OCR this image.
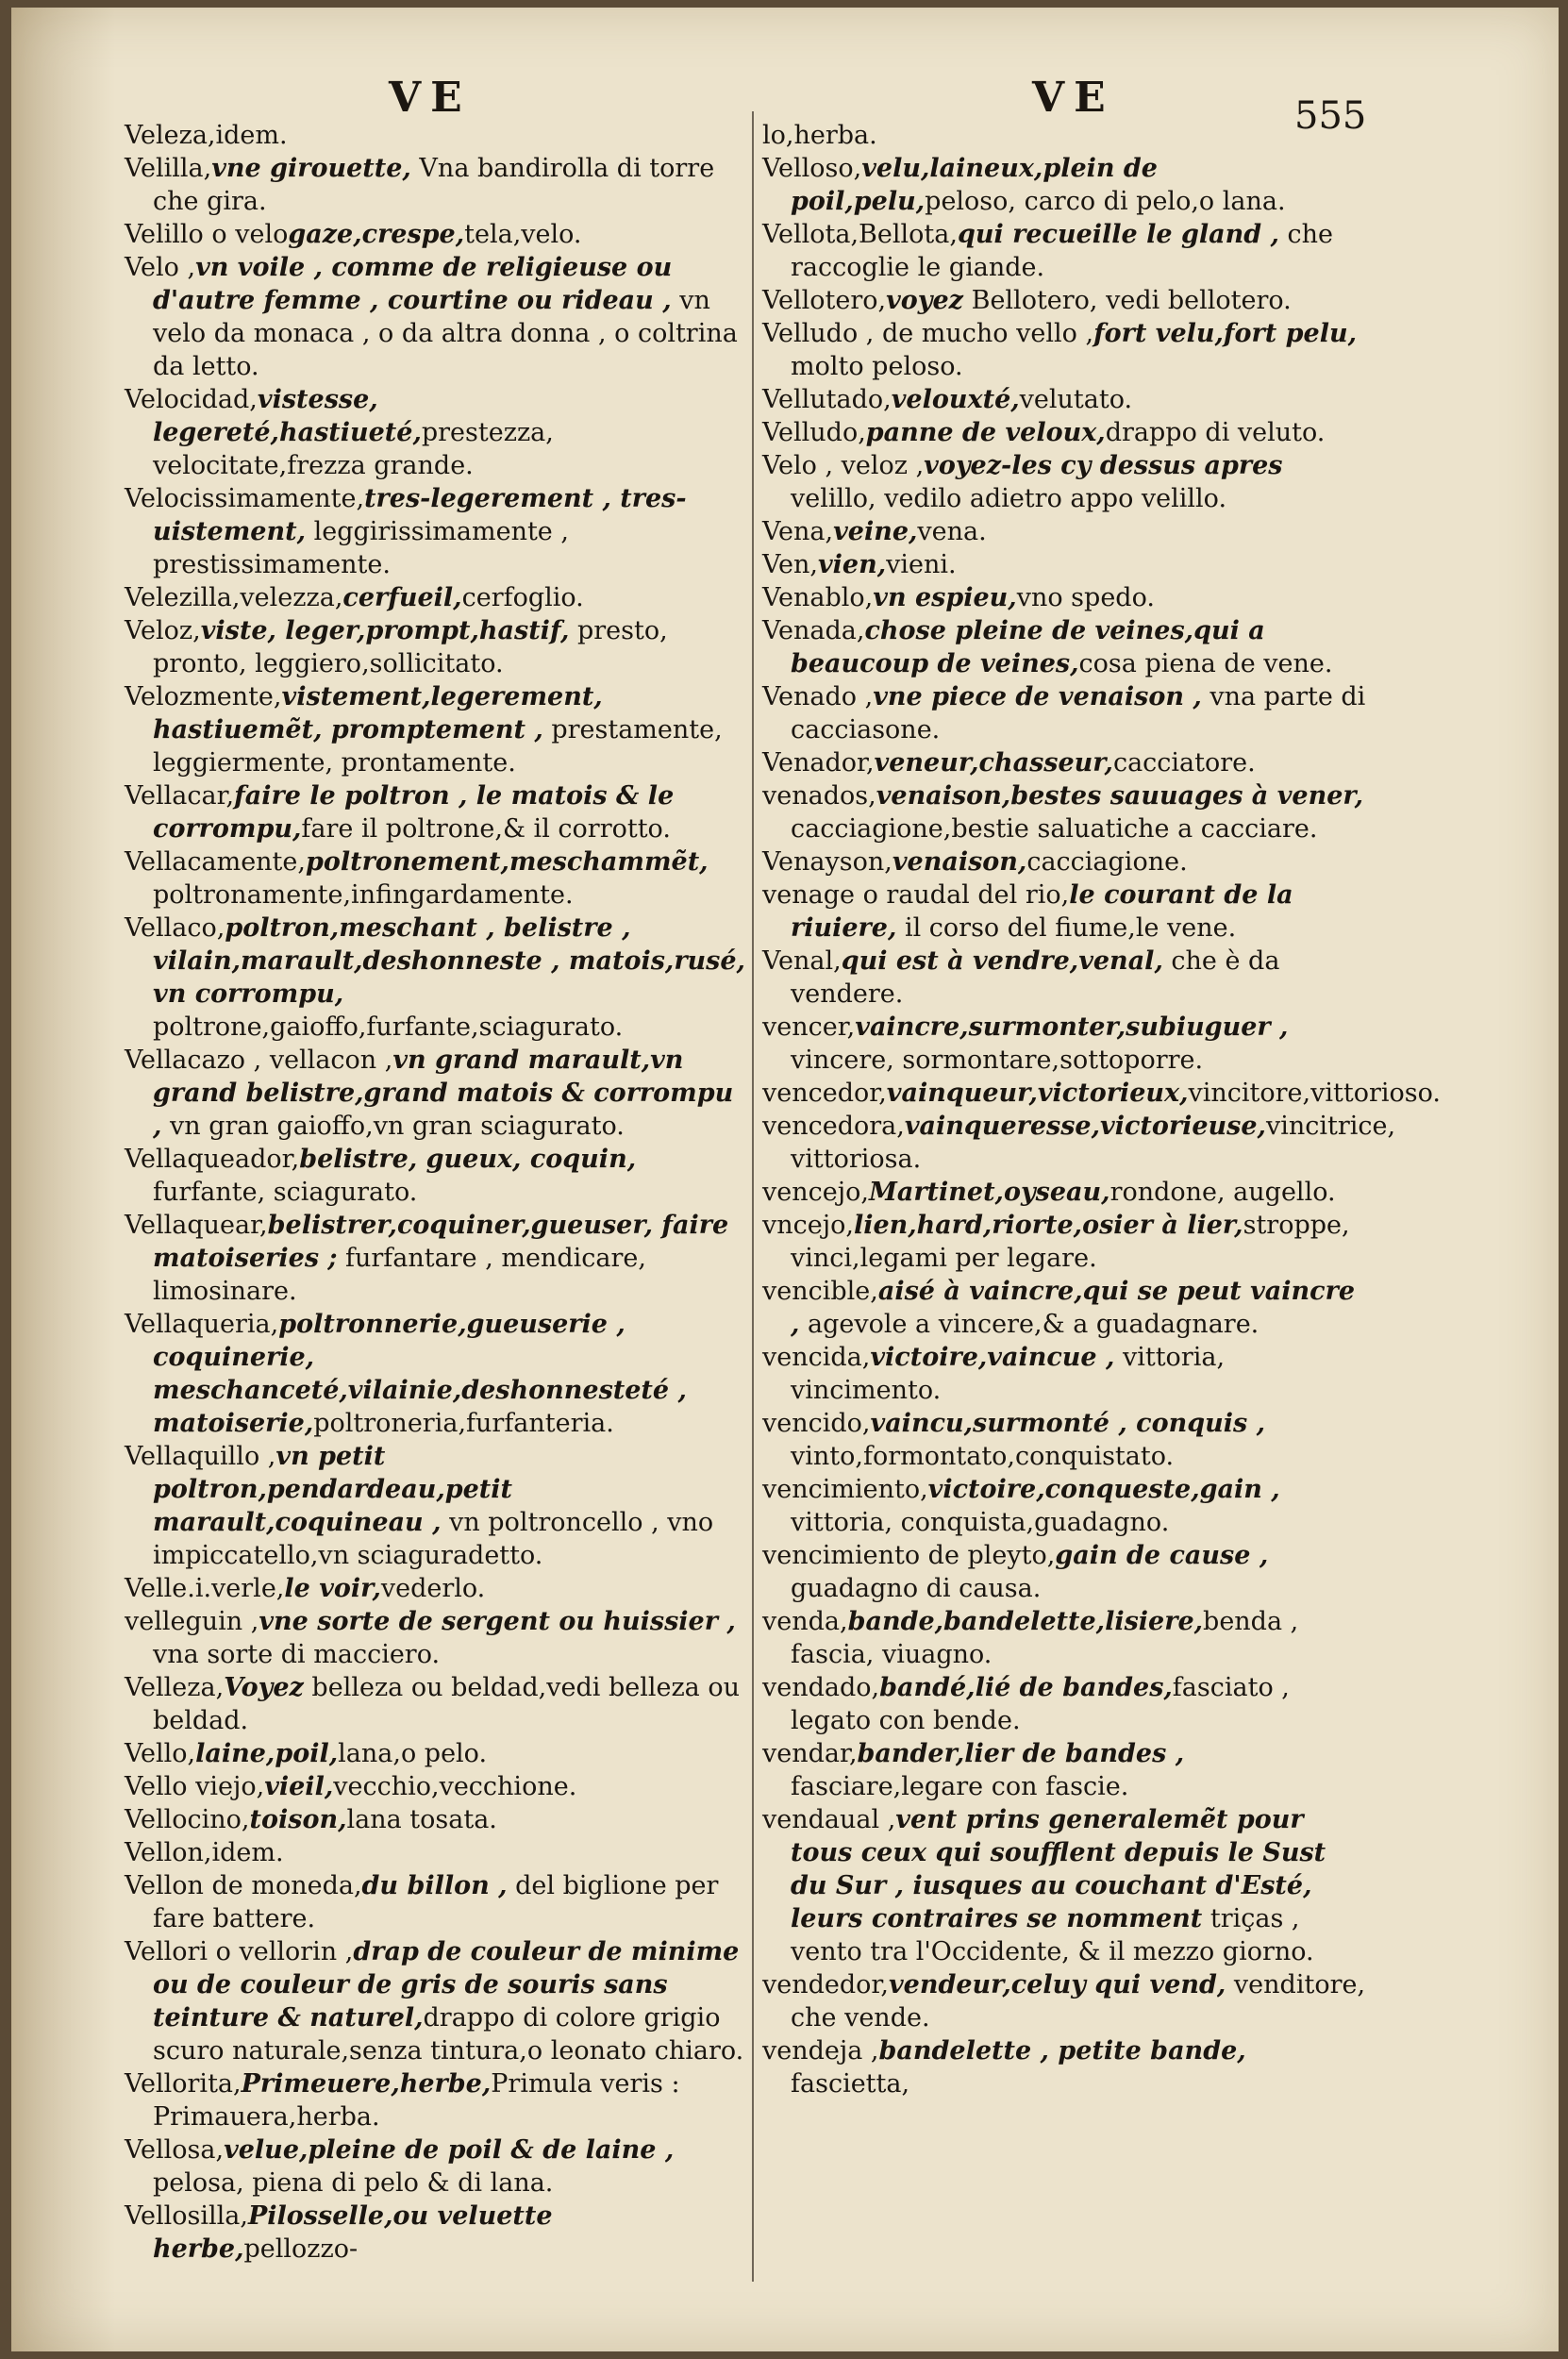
VE	VE	555

Veleza,idem.

Velilla,vne girouette, Vna bandirolla di torre che gira.

Velillo o velogaze,crespe,tela,velo.

Velo ,vn voile , comme de religieuse ou d'autre femme , courtine ou rideau , vn velo da monaca , o da altra donna , o coltrina da letto.

Velocidad,vistesse, legereté,hastiueté,prestezza, velocitate,frezza grande.

Velocissimamente,tres-legerement , tres-uistement, leggirissimamente , prestissimamente.

Velezilla,velezza,cerfueil,cerfoglio.

Veloz,viste, leger,prompt,hastif, presto, pronto, leggiero,sollicitato.

Velozmente,vistement,legerement, hastiuemẽt, promptement , prestamente, leggiermente, prontamente.

Vellacar,faire le poltron , le matois & le corrompu,fare il poltrone,& il corrotto.

Vellacamente,poltronement,meschammẽt, poltronamente,infingardamente.

Vellaco,poltron,meschant , belistre , vilain,marault,deshonneste , matois,rusé, vn corrompu, poltrone,gaioffo,furfante,sciagurato.

Vellacazo , vellacon ,vn grand marault,vn grand belistre,grand matois & corrompu , vn gran gaioffo,vn gran sciagurato.

Vellaqueador,belistre, gueux, coquin, furfante, sciagurato.

Vellaquear,belistrer,coquiner,gueuser, faire matoiseries ; furfantare , mendicare, limosinare.

Vellaqueria,poltronnerie,gueuserie , coquinerie, meschanceté,vilainie,deshonnesteté , matoiserie,poltroneria,furfanteria.

Vellaquillo ,vn petit poltron,pendardeau,petit marault,coquineau , vn poltroncello , vno impiccatello,vn sciaguradetto.

Velle.i.verle,le voir,vederlo.

velleguin ,vne sorte de sergent ou huissier , vna sorte di macciero.

Velleza,Voyez belleza ou beldad,vedi belleza ou beldad.

Vello,laine,poil,lana,o pelo.

Vello viejo,vieil,vecchio,vecchione.

Vellocino,toison,lana tosata.

Vellon,idem.

Vellon de moneda,du billon , del biglione per fare battere.

Vellori o vellorin ,drap de couleur de minime ou de couleur de gris de souris sans teinture & naturel,drappo di colore grigio scuro naturale,senza tintura,o leonato chiaro.

Vellorita,Primeuere,herbe,Primula veris : Primauera,herba.

Vellosa,velue,pleine de poil & de laine , pelosa, piena di pelo & di lana.

Vellosilla,Pilosselle,ou veluette herbe,pellozzo-

lo,herba.

Velloso,velu,laineux,plein de poil,pelu,peloso, carco di pelo,o lana.

Vellota,Bellota,qui recueille le gland , che raccoglie le giande.

Vellotero,voyez Bellotero, vedi bellotero.

Velludo , de mucho vello ,fort velu,fort pelu, molto peloso.

Vellutado,velouxté,velutato.

Velludo,panne de veloux,drappo di veluto.

Velo , veloz ,voyez-les cy dessus apres velillo, vedilo adietro appo velillo.

Vena,veine,vena.

Ven,vien,vieni.

Venablo,vn espieu,vno spedo.

Venada,chose pleine de veines,qui a beaucoup de veines,cosa piena de vene.

Venado ,vne piece de venaison , vna parte di cacciasone.

Venador,veneur,chasseur,cacciatore.

venados,venaison,bestes sauuages à vener, cacciagione,bestie saluatiche a cacciare.

Venayson,venaison,cacciagione.

venage o raudal del rio,le courant de la riuiere, il corso del fiume,le vene.

Venal,qui est à vendre,venal, che è da vendere.

vencer,vaincre,surmonter,subiuguer , vincere, sormontare,sottoporre.

vencedor,vainqueur,victorieux,vincitore,vittorioso.

vencedora,vainqueresse,victorieuse,vincitrice, vittoriosa.

vencejo,Martinet,oyseau,rondone, augello.

vncejo,lien,hard,riorte,osier à lier,stroppe, vinci,legami per legare.

vencible,aisé à vaincre,qui se peut vaincre , agevole a vincere,& a guadagnare.

vencida,victoire,vaincue , vittoria, vincimento.

vencido,vaincu,surmonté , conquis , vinto,formontato,conquistato.

vencimiento,victoire,conqueste,gain , vittoria, conquista,guadagno.

vencimiento de pleyto,gain de cause , guadagno di causa.

venda,bande,bandelette,lisiere,benda , fascia, viuagno.

vendado,bandé,lié de bandes,fasciato , legato con bende.

vendar,bander,lier de bandes , fasciare,legare con fascie.

vendaual ,vent prins generalemẽt pour tous ceux qui soufflent depuis le Sust du Sur , iusques au couchant d'Esté, leurs contraires se nomment triças , vento tra l'Occidente, & il mezzo giorno.

vendedor,vendeur,celuy qui vend, venditore, che vende.

vendeja ,bandelette , petite bande, fascietta,
